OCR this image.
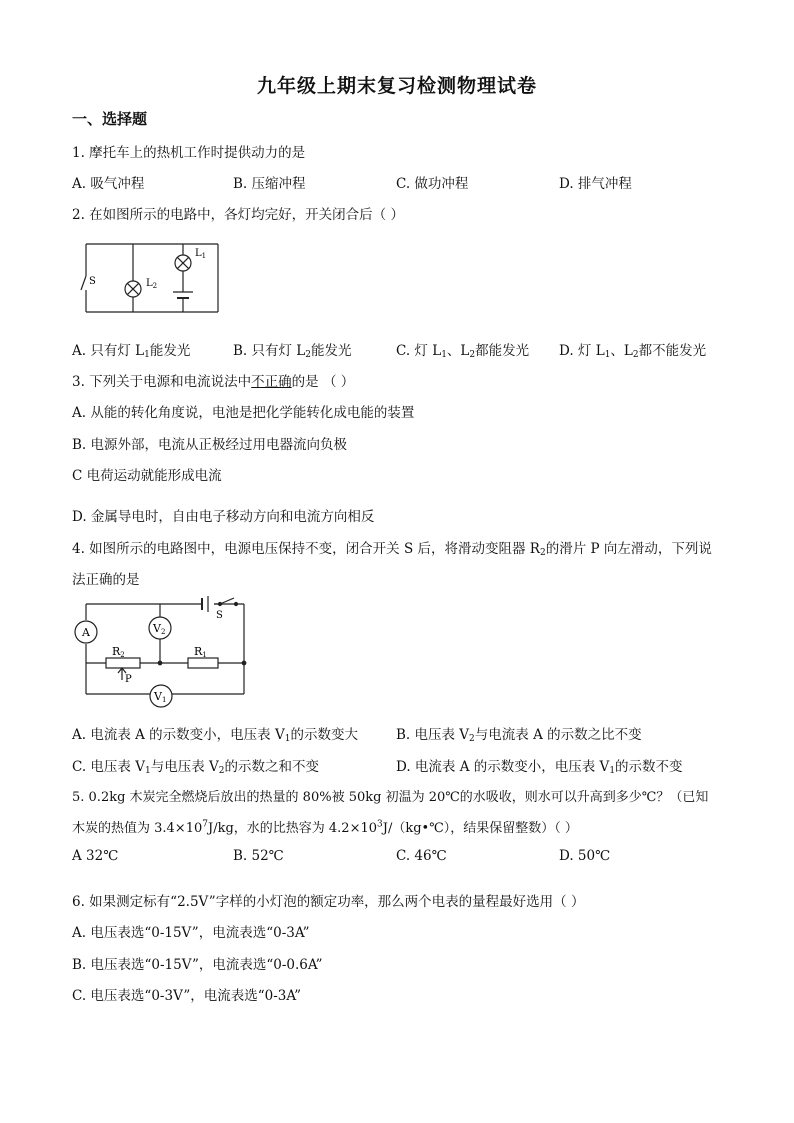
九年级上期末复习检测物理试卷
一、选择题
1. 摩托车上的热机工作时提供动力的是
A. 吸气冲程	B. 压缩冲程	C. 做功冲程	D. 排气冲程
2. 在如图所示的电路中，各灯均完好，开关闭合后（ ）
S	$L_2$
$L_1$
A. 只有灯 $L_1$能发光	B. 只有灯 $L_2$能发光	C. 灯 $L_1$、$L_2$都能发光 D. 灯 $L_1$、$L_2$都不能发光
3. 下列关于电源和电流说法中不正确的是 （ ）
A. 从能的转化角度说，电池是把化学能转化成电能的装置
B. 电源外部，电流从正极经过用电器流向负极
C 电荷运动就能形成电流
D. 金属导电时，自由电子移动方向和电流方向相反
4. 如图所示的电路图中，电源电压保持不变，闭合开关 S 后，将滑动变阻器 $R_2$的滑片 P 向左滑动，下列说
法正确的是
A	V2
V1
S
R2	R1
P
A. 电流表 A 的示数变小，电压表 $V_1$的示数变大	B. 电压表 $V_2$与电流表 A 的示数之比不变
C. 电压表 $V_1$与电压表 $V_2$的示数之和不变	D. 电流表 A 的示数变小，电压表 $V_1$的示数不变
5. 0.2kg 木炭完全燃烧后放出的热量的 80%被 50kg 初温为 20℃的水吸收，则水可以升高到多少℃？（已知
木炭的热值为 $3.4\times 10^7J/kg$，水的比热容为 $4.2\times 10^3J/(kg•℃)$，结果保留整数）（ ）
A 32℃	B. 52℃	C. 46℃	D. 50℃
6. 如果测定标有“2.5V”字样的小灯泡的额定功率，那么两个电表的量程最好选用（ ）
A. 电压表选“0-15V”，电流表选“0-3A”
B. 电压表选“0-15V”，电流表选“0-0.6A”
C. 电压表选“0-3V”，电流表选“0-3A”
